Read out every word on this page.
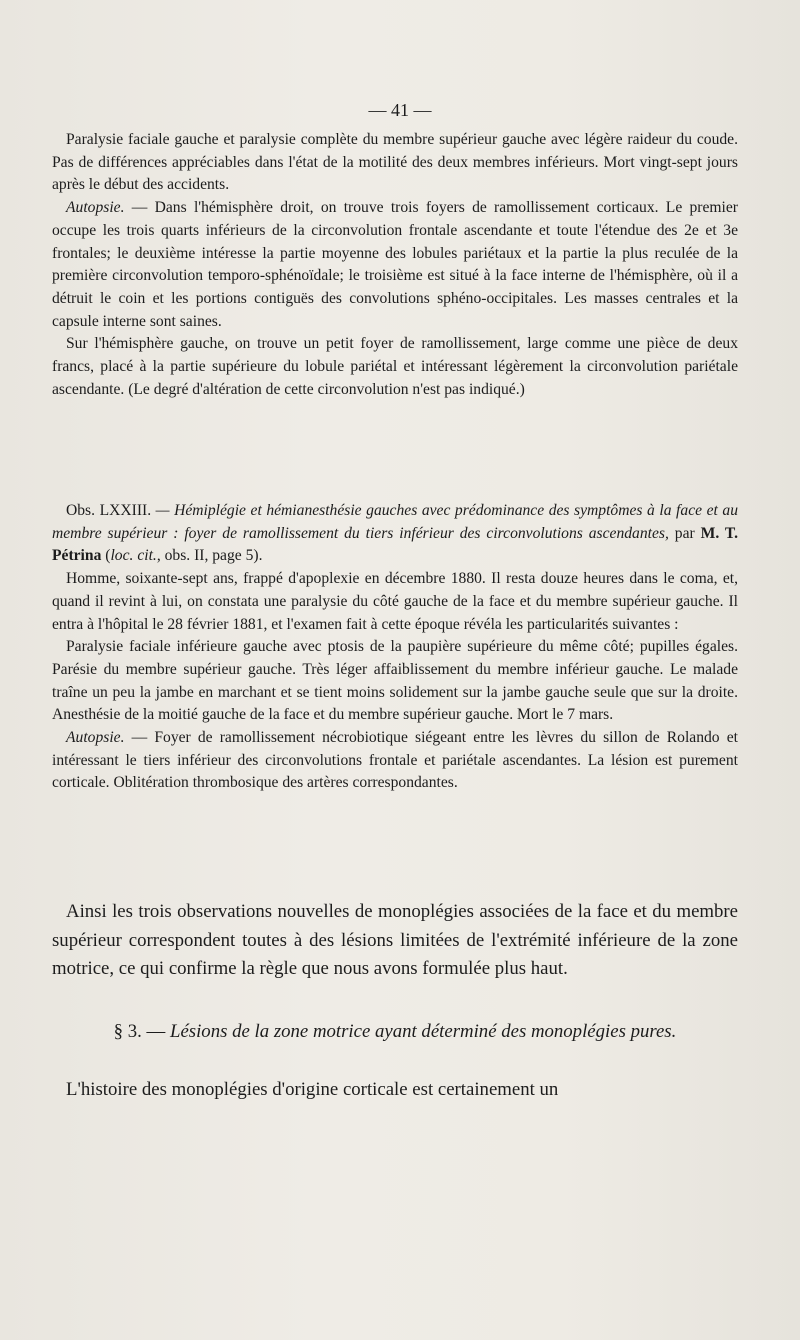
— 41 —

Paralysie faciale gauche et paralysie complète du membre supérieur gauche avec légère raideur du coude. Pas de différences appréciables dans l'état de la motilité des deux membres inférieurs. Mort vingt-sept jours après le début des accidents.

Autopsie. — Dans l'hémisphère droit, on trouve trois foyers de ramollissement corticaux. Le premier occupe les trois quarts inférieurs de la circonvolution frontale ascendante et toute l'étendue des 2e et 3e frontales; le deuxième intéresse la partie moyenne des lobules pariétaux et la partie la plus reculée de la première circonvolution temporo-sphénoïdale; le troisième est situé à la face interne de l'hémisphère, où il a détruit le coin et les portions contiguës des convolutions sphéno-occipitales. Les masses centrales et la capsule interne sont saines.

Sur l'hémisphère gauche, on trouve un petit foyer de ramollissement, large comme une pièce de deux francs, placé à la partie supérieure du lobule pariétal et intéressant légèrement la circonvolution pariétale ascendante. (Le degré d'altération de cette circonvolution n'est pas indiqué.)

Obs. LXXIII. — Hémiplégie et hémianesthésie gauches avec prédominance des symptômes à la face et au membre supérieur : foyer de ramollissement du tiers inférieur des circonvolutions ascendantes, par M. T. Pétrina (loc. cit., obs. II, page 5).

Homme, soixante-sept ans, frappé d'apoplexie en décembre 1880. Il resta douze heures dans le coma, et, quand il revint à lui, on constata une paralysie du côté gauche de la face et du membre supérieur gauche. Il entra à l'hôpital le 28 février 1881, et l'examen fait à cette époque révéla les particularités suivantes :

Paralysie faciale inférieure gauche avec ptosis de la paupière supérieure du même côté; pupilles égales. Parésie du membre supérieur gauche. Très léger affaiblissement du membre inférieur gauche. Le malade traîne un peu la jambe en marchant et se tient moins solidement sur la jambe gauche seule que sur la droite. Anesthésie de la moitié gauche de la face et du membre supérieur gauche. Mort le 7 mars.

Autopsie. — Foyer de ramollissement nécrobiotique siégeant entre les lèvres du sillon de Rolando et intéressant le tiers inférieur des circonvolutions frontale et pariétale ascendantes. La lésion est purement corticale. Oblitération thrombosique des artères correspondantes.

Ainsi les trois observations nouvelles de monoplégies associées de la face et du membre supérieur correspondent toutes à des lésions limitées de l'extrémité inférieure de la zone motrice, ce qui confirme la règle que nous avons formulée plus haut.

§ 3. — Lésions de la zone motrice ayant déterminé des monoplégies pures.

L'histoire des monoplégies d'origine corticale est certainement un
